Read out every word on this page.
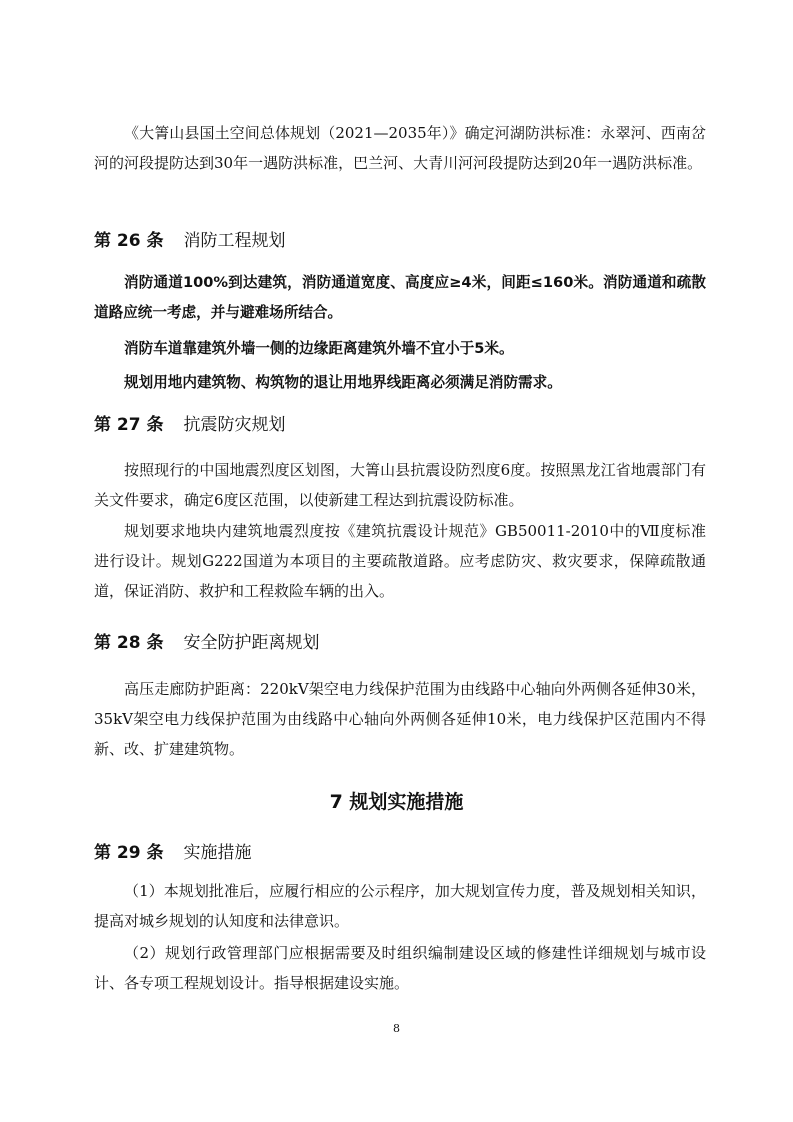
《大箐山县国土空间总体规划（2021—2035年）》确定河湖防洪标准：永翠河、西南岔河的河段提防达到30年一遇防洪标准，巴兰河、大青川河河段提防达到20年一遇防洪标准。

第 26 条 消防工程规划

消防通道100%到达建筑，消防通道宽度、高度应≥4米，间距≤160米。消防通道和疏散道路应统一考虑，并与避难场所结合。

消防车道靠建筑外墙一侧的边缘距离建筑外墙不宜小于5米。

规划用地内建筑物、构筑物的退让用地界线距离必须满足消防需求。

第 27 条 抗震防灾规划

按照现行的中国地震烈度区划图，大箐山县抗震设防烈度6度。按照黑龙江省地震部门有关文件要求，确定6度区范围，以使新建工程达到抗震设防标准。

规划要求地块内建筑地震烈度按《建筑抗震设计规范》GB50011-2010中的Ⅶ度标准进行设计。规划G222国道为本项目的主要疏散道路。应考虑防灾、救灾要求，保障疏散通道，保证消防、救护和工程救险车辆的出入。

第 28 条 安全防护距离规划

高压走廊防护距离：220kV架空电力线保护范围为由线路中心轴向外两侧各延伸30米，35kV架空电力线保护范围为由线路中心轴向外两侧各延伸10米，电力线保护区范围内不得新、改、扩建建筑物。

7 规划实施措施
第 29 条 实施措施

（1）本规划批准后，应履行相应的公示程序，加大规划宣传力度，普及规划相关知识，提高对城乡规划的认知度和法律意识。

（2）规划行政管理部门应根据需要及时组织编制建设区域的修建性详细规划与城市设计、各专项工程规划设计。指导根据建设实施。

8
